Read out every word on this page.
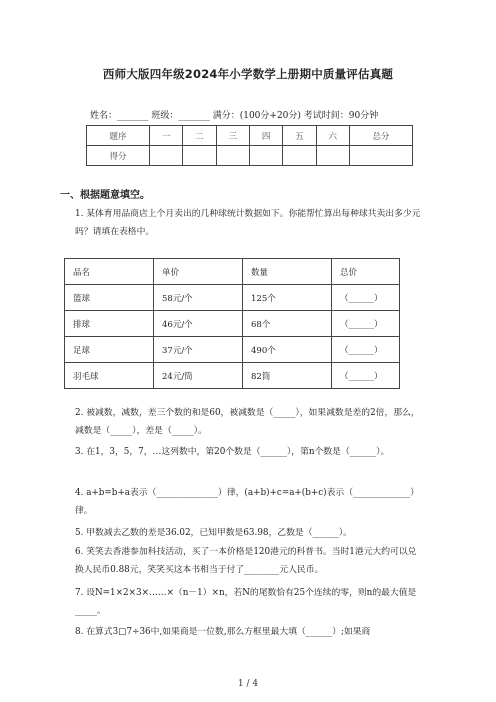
西师大版四年级2024年小学数学上册期中质量评估真题
姓名：_______ 班级：_______ 满分：(100分+20分) 考试时间：90分钟
题序	一	二	三	四	五	六	总分
得分							
一、根据题意填空。
1. 某体育用品商店上个月卖出的几种球统计数据如下。你能帮忙算出每种球共卖出多少元吗？请填在表格中。
品名	单价	数量	总价
篮球	58元/个	125个	（______）
排球	46元/个	68个	（______）
足球	37元/个	490个	（______）
羽毛球	24元/筒	82筒	（______）
2. 被减数，减数，差三个数的和是60，被减数是（_____），如果减数是差的2倍，那么，减数是（_____），差是（_____）。
3. 在1，3，5，7，…这列数中，第20个数是（______），第n个数是（______）。
4. a+b=b+a表示（______________）律，(a+b)+c=a+(b+c)表示（_____________）律。
5. 甲数减去乙数的差是36.02，已知甲数是63.98，乙数是（______）。
6. 笑笑去香港参加科技活动，买了一本价格是120港元的科普书。当时1港元大约可以兑换人民币0.88元，笑笑买这本书相当于付了________元人民币。
7. 设N=1×2×3×……×（n－1）×n，若N的尾数恰有25个连续的零，则n的最大值是_____。
8. 在算式3□7÷36中,如果商是一位数,那么方框里最大填（______）;如果商
1 / 4
